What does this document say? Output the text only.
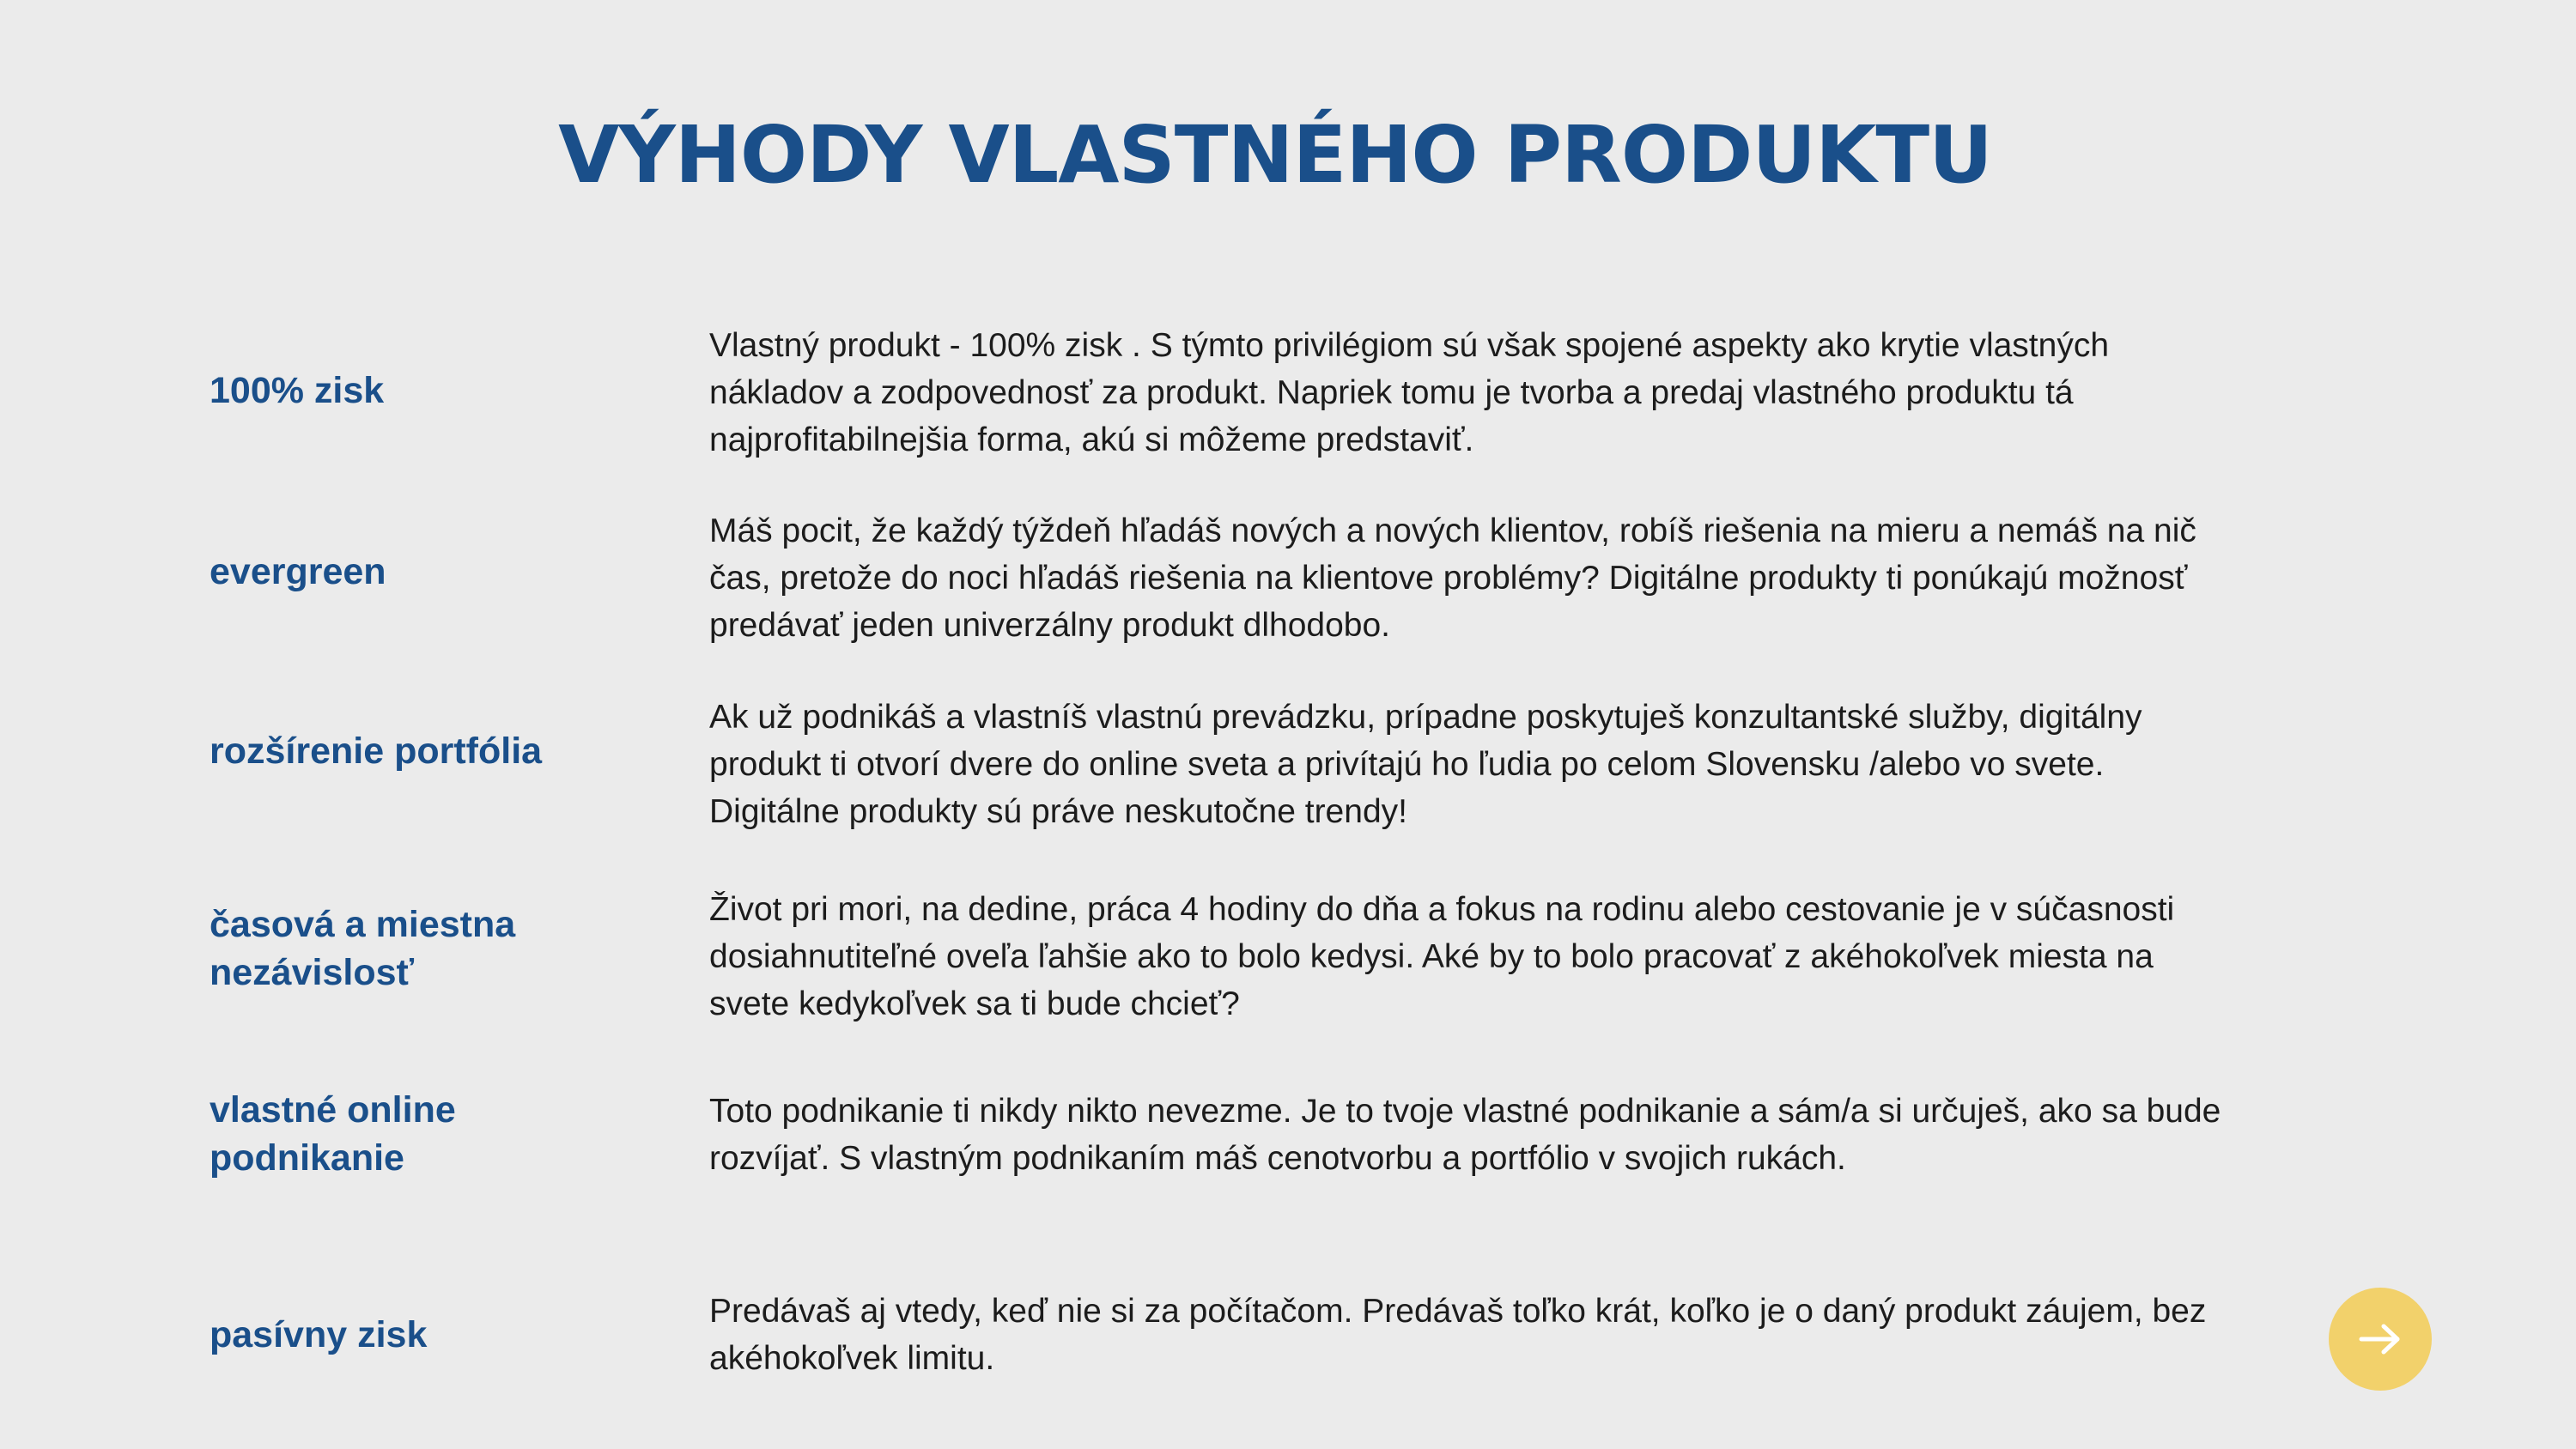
VÝHODY VLASTNÉHO PRODUKTU

100% zisk

Vlastný produkt - 100% zisk . S týmto privilégiom sú však spojené aspekty ako krytie vlastných nákladov a zodpovednosť za produkt. Napriek tomu je tvorba a predaj vlastného produktu tá najprofitabilnejšia forma, akú si môžeme predstaviť.

evergreen

Máš pocit, že každý týždeň hľadáš nových a nových klientov, robíš riešenia na mieru a nemáš na nič čas, pretože do noci hľadáš riešenia na klientove problémy? Digitálne produkty ti ponúkajú možnosť predávať jeden univerzálny produkt dlhodobo.

rozšírenie portfólia

Ak už podnikáš a vlastníš vlastnú prevádzku, prípadne poskytuješ konzultantské služby, digitálny produkt ti otvorí dvere do online sveta a privítajú ho ľudia po celom Slovensku /alebo vo svete. Digitálne produkty sú práve neskutočne trendy!

časová a miestna nezávislosť

Život pri mori, na dedine, práca 4 hodiny do dňa a fokus na rodinu alebo cestovanie je v súčasnosti dosiahnutiteľné oveľa ľahšie ako to bolo kedysi. Aké by to bolo pracovať z akéhokoľvek miesta na svete kedykoľvek sa ti bude chcieť?

vlastné online podnikanie

Toto podnikanie ti nikdy nikto nevezme. Je to tvoje vlastné podnikanie a sám/a si určuješ, ako sa bude rozvíjať. S vlastným podnikaním máš cenotvorbu a portfólio v svojich rukách.

pasívny zisk

Predávaš aj vtedy, keď nie si za počítačom. Predávaš toľko krát, koľko je o daný produkt záujem, bez akéhokoľvek limitu.
